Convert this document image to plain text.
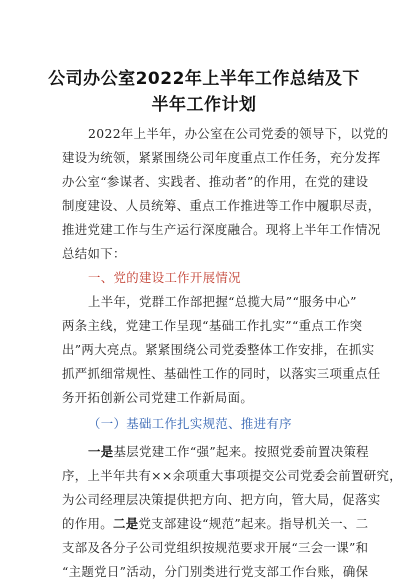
公司办公室2022年上半年工作总结及下
半年工作计划
2022年上半年，办公室在公司党委的领导下，以党的
建设为统领，紧紧围绕公司年度重点工作任务，充分发挥
办公室“参谋者、实践者、推动者”的作用，在党的建设
制度建设、人员统筹、重点工作推进等工作中履职尽责，
推进党建工作与生产运行深度融合。现将上半年工作情况
总结如下：
一、党的建设工作开展情况
上半年，党群工作部把握“总揽大局”“服务中心”
两条主线，党建工作呈现“基础工作扎实”“重点工作突
出”两大亮点。紧紧围绕公司党委整体工作安排，在抓实
抓严抓细常规性、基础性工作的同时，以落实三项重点任
务开拓创新公司党建工作新局面。
（一）基础工作扎实规范、推进有序
一是基层党建工作“强”起来。按照党委前置决策程
序，上半年共有××余项重大事项提交公司党委会前置研究，
为公司经理层决策提供把方向、把方向，管大局，促落实
的作用。二是党支部建设“规范”起来。指导机关一、二
支部及各分子公司党组织按规范要求开展“三会一课”和
“主题党日”活动，分门别类进行党支部工作台账，确保
